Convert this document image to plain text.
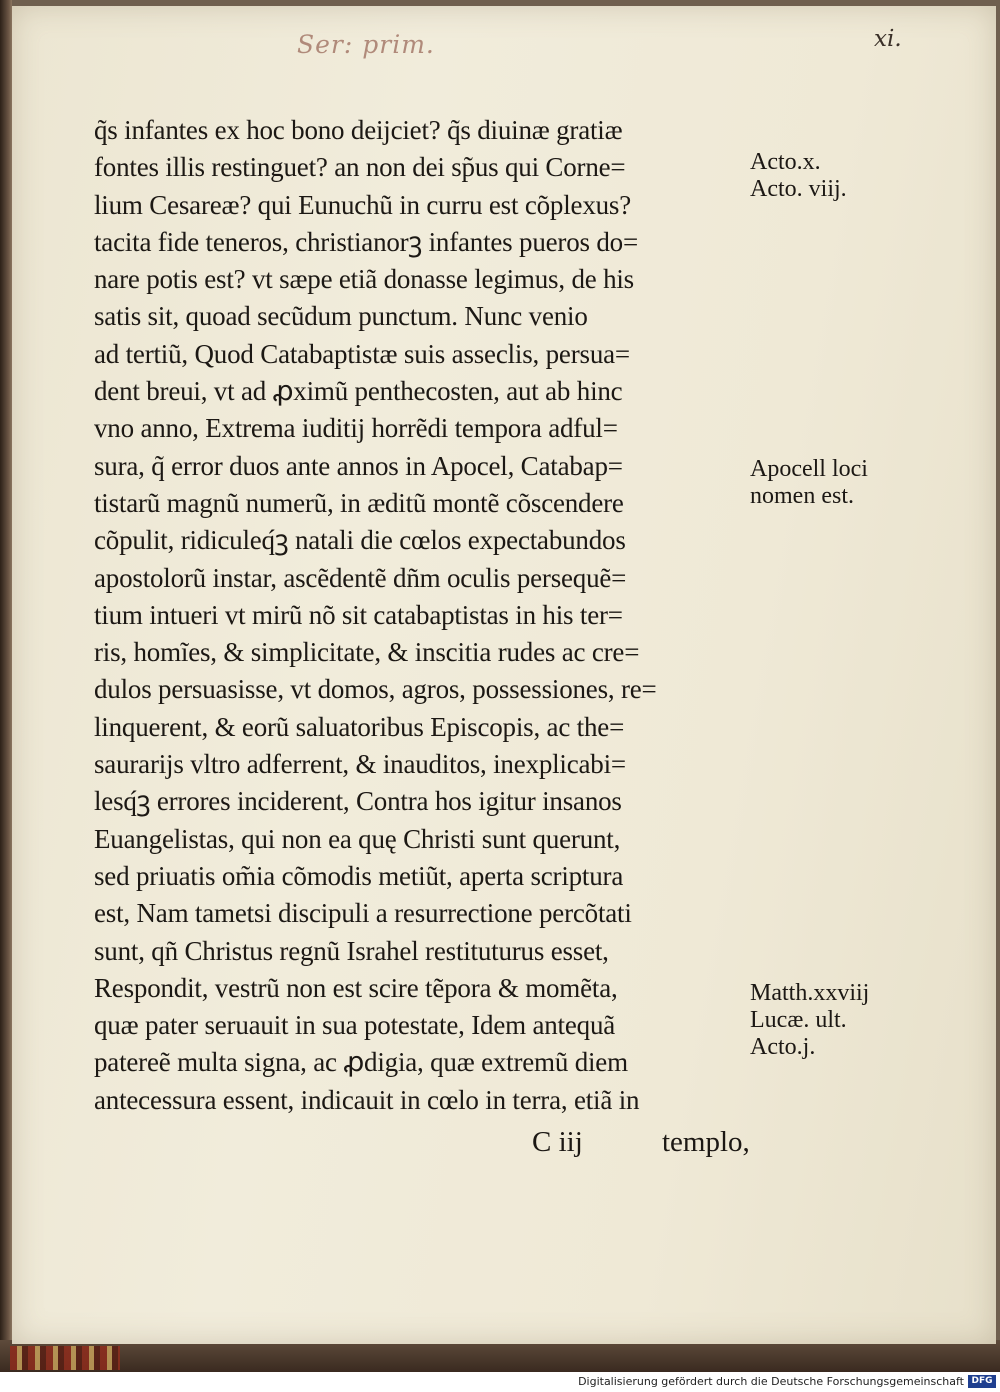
Ser: prim.	xi.
q̃s infantes ex hoc bono deijciet? q̃s diuinæ gratiæ
fontes illis restinguet? an non dei sp̃us qui Corne=
lium Cesareæ? qui Eunuchũ in curru est cõplexus?
tacita fide teneros, christianorꝫ infantes pueros do=
nare potis est? vt sæpe etiã donasse legimus, de his
satis sit, quoad secũdum punctum. Nunc venio
ad tertiũ, Quod Catabaptistæ suis asseclis, persua=
dent breui, vt ad ꝓximũ penthecosten, aut ab hinc
vno anno, Extrema iuditij horrẽdi tempora adful=
sura, q̃ error duos ante annos in Apocel, Catabap=
tistarũ magnũ numerũ, in æditũ montẽ cõscendere
cõpulit, ridiculeq́ꝫ natali die cœlos expectabundos
apostolorũ instar, ascẽdentẽ dñm oculis persequẽ=
tium intueri vt mirũ nõ sit catabaptistas in his ter=
ris, homĩes, & simplicitate, & inscitia rudes ac cre=
dulos persuasisse, vt domos, agros, possessiones, re=
linquerent, & eorũ saluatoribus Episcopis, ac the=
saurarijs vltro adferrent, & inauditos, inexplicabi=
lesq́ꝫ errores inciderent, Contra hos igitur insanos
Euangelistas, qui non ea quę Christi sunt querunt,
sed priuatis om̃ia cõmodis metiũt, aperta scriptura
est, Nam tametsi discipuli a resurrectione percõtati
sunt, qñ Christus regnũ Israhel restituturus esset,
Respondit, vestrũ non est scire tẽpora & momẽta,
quæ pater seruauit in sua potestate, Idem antequã
patereẽ multa signa, ac ꝓdigia, quæ extremũ diem
antecessura essent, indicauit in cœlo in terra, etiã in
C iij	templo,
Acto.x.
Acto. viij.
Apocell loci
nomen est.
Matth.xxviij
Lucæ. ult.
Acto.j.
Digitalisierung gefördert durch die Deutsche Forschungsgemeinschaft DFG
